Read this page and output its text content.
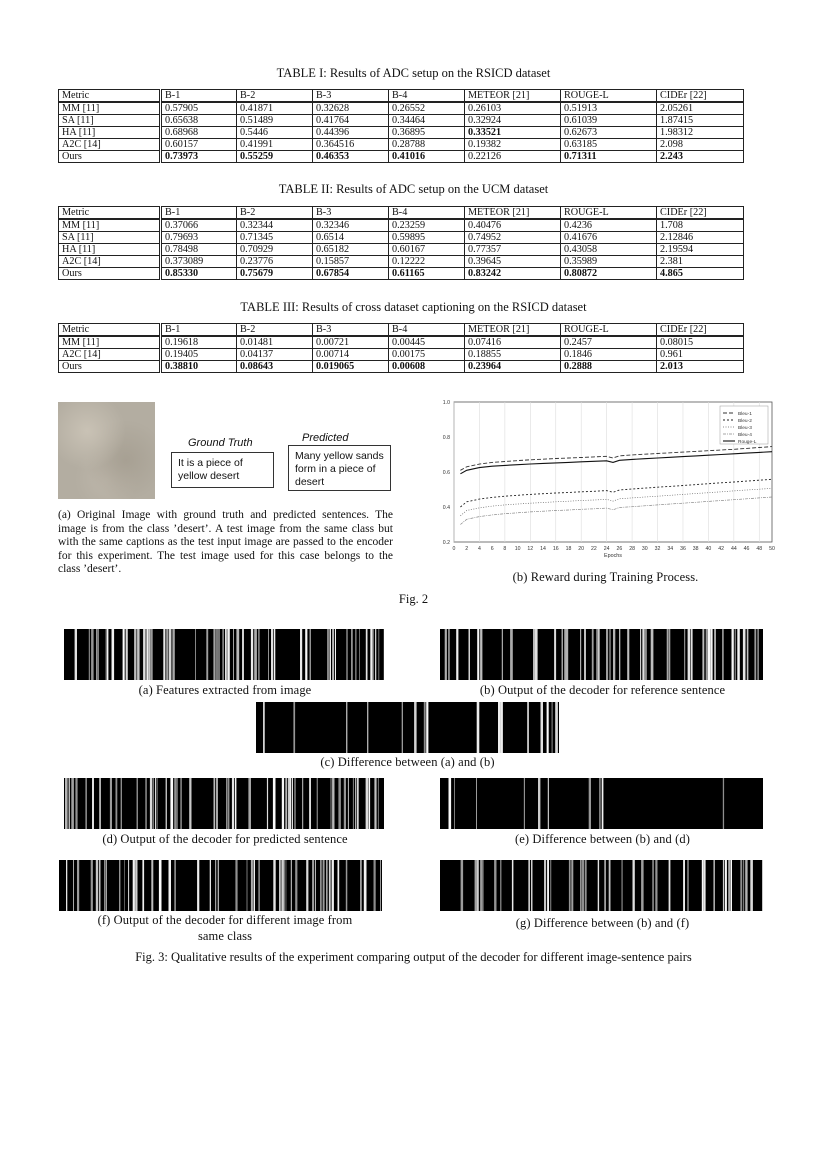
TABLE I: Results of ADC setup on the RSICD dataset
Metric	B-1	B-2	B-3	B-4	METEOR [21]	ROUGE-L	CIDEr [22]
MM [11]	0.57905	0.41871	0.32628	0.26552	0.26103	0.51913	2.05261
SA [11]	0.65638	0.51489	0.41764	0.34464	0.32924	0.61039	1.87415
HA [11]	0.68968	0.5446	0.44396	0.36895	0.33521	0.62673	1.98312
A2C [14]	0.60157	0.41991	0.364516	0.28788	0.19382	0.63185	2.098
Ours	0.73973	0.55259	0.46353	0.41016	0.22126	0.71311	2.243
TABLE II: Results of ADC setup on the UCM dataset
Metric	B-1	B-2	B-3	B-4	METEOR [21]	ROUGE-L	CIDEr [22]
MM [11]	0.37066	0.32344	0.32346	0.23259	0.40476	0.4236	1.708
SA [11]	0.79693	0.71345	0.6514	0.59895	0.74952	0.41676	2.12846
HA [11]	0.78498	0.70929	0.65182	0.60167	0.77357	0.43058	2.19594
A2C [14]	0.373089	0.23776	0.15857	0.12222	0.39645	0.35989	2.381
Ours	0.85330	0.75679	0.67854	0.61165	0.83242	0.80872	4.865
TABLE III: Results of cross dataset captioning on the RSICD dataset
Metric	B-1	B-2	B-3	B-4	METEOR [21]	ROUGE-L	CIDEr [22]
MM [11]	0.19618	0.01481	0.00721	0.00445	0.07416	0.2457	0.08015
A2C [14]	0.19405	0.04137	0.00714	0.00175	0.18855	0.1846	0.961
Ours	0.38810	0.08643	0.019065	0.00608	0.23964	0.2888	2.013
Ground Truth
It is a piece of yellow desert
Predicted
Many yellow sands form in a piece of desert
(a) Original Image with ground truth and predicted sentences. The image is from the class ’desert’. A test image from the same class but with the same captions as the test input image are passed to the encoder for this experiment. The test image used for this case belongs to the class ’desert’.
0 2 4 6 8 10 12 14 16 18 20 22 24 26 28 30 32 34 36 38 40 42 44 46 48 50
0.2
0.4
0.6
0.8
1.0
Epochs
Bleu-1
Bleu-2
Bleu-3
Bleu-4
Rouge-L
(b) Reward during Training Process.
Fig. 2
(a) Features extracted from image	(b) Output of the decoder for reference sentence
(c) Difference between (a) and (b)
(d) Output of the decoder for predicted sentence	(e) Difference between (b) and (d)
(f) Output of the decoder for different image from
same class
(g) Difference between (b) and (f)
Fig. 3: Qualitative results of the experiment comparing output of the decoder for different image-sentence pairs
